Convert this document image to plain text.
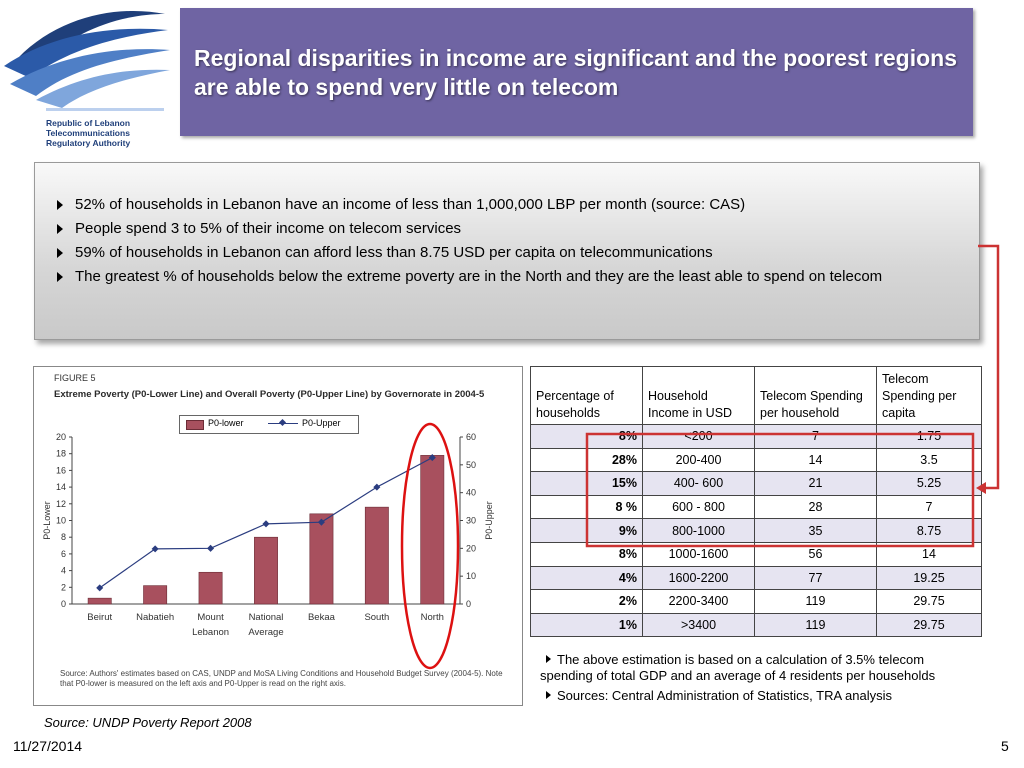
Republic of Lebanon
Telecommunications
Regulatory Authority
Regional disparities in income are significant and the poorest regions are able to spend very little on telecom
52% of households in Lebanon have an income of less than 1,000,000 LBP per month (source: CAS)
People spend 3 to 5% of their income on telecom services
59% of households in Lebanon can afford less than 8.75 USD per capita on telecommunications
The greatest % of households below the extreme poverty are in the North and they are the least able to spend on telecom
FIGURE 5
Extreme Poverty (P0-Lower Line) and Overall Poverty (P0-Upper Line) by Governorate in 2004-5
0
2
4
6
8
10
12
14
16
18
20
0
10
20
30
40
50
60
P0-Lower	P0-Upper
Beirut	Nabatieh Mount
Lebanon
National
Average
Bekaa	South	North
P0-lower	P0-Upper
Source: Authors' estimates based on CAS, UNDP and MoSA Living Conditions and Household Budget Survey (2004-5). Note that P0-lower is measured on the left axis and P0-Upper is read on the right axis.
Source: UNDP Poverty Report 2008
Percentage of households	Household Income in USD	Telecom Spending per household	Telecom Spending per capita
8%	<200	7	1.75
28%	200-400	14	3.5
15%	400- 600	21	5.25
8 %	600 - 800	28	7
9%	800-1000	35	8.75
8%	1000-1600	56	14
4%	1600-2200	77	19.25
2%	2200-3400	119	29.75
1%	>3400	119	29.75
The above estimation is based on a calculation of 3.5% telecom spending of total GDP and an average of 4 residents per households
Sources: Central Administration of Statistics, TRA analysis
11/27/2014	5
